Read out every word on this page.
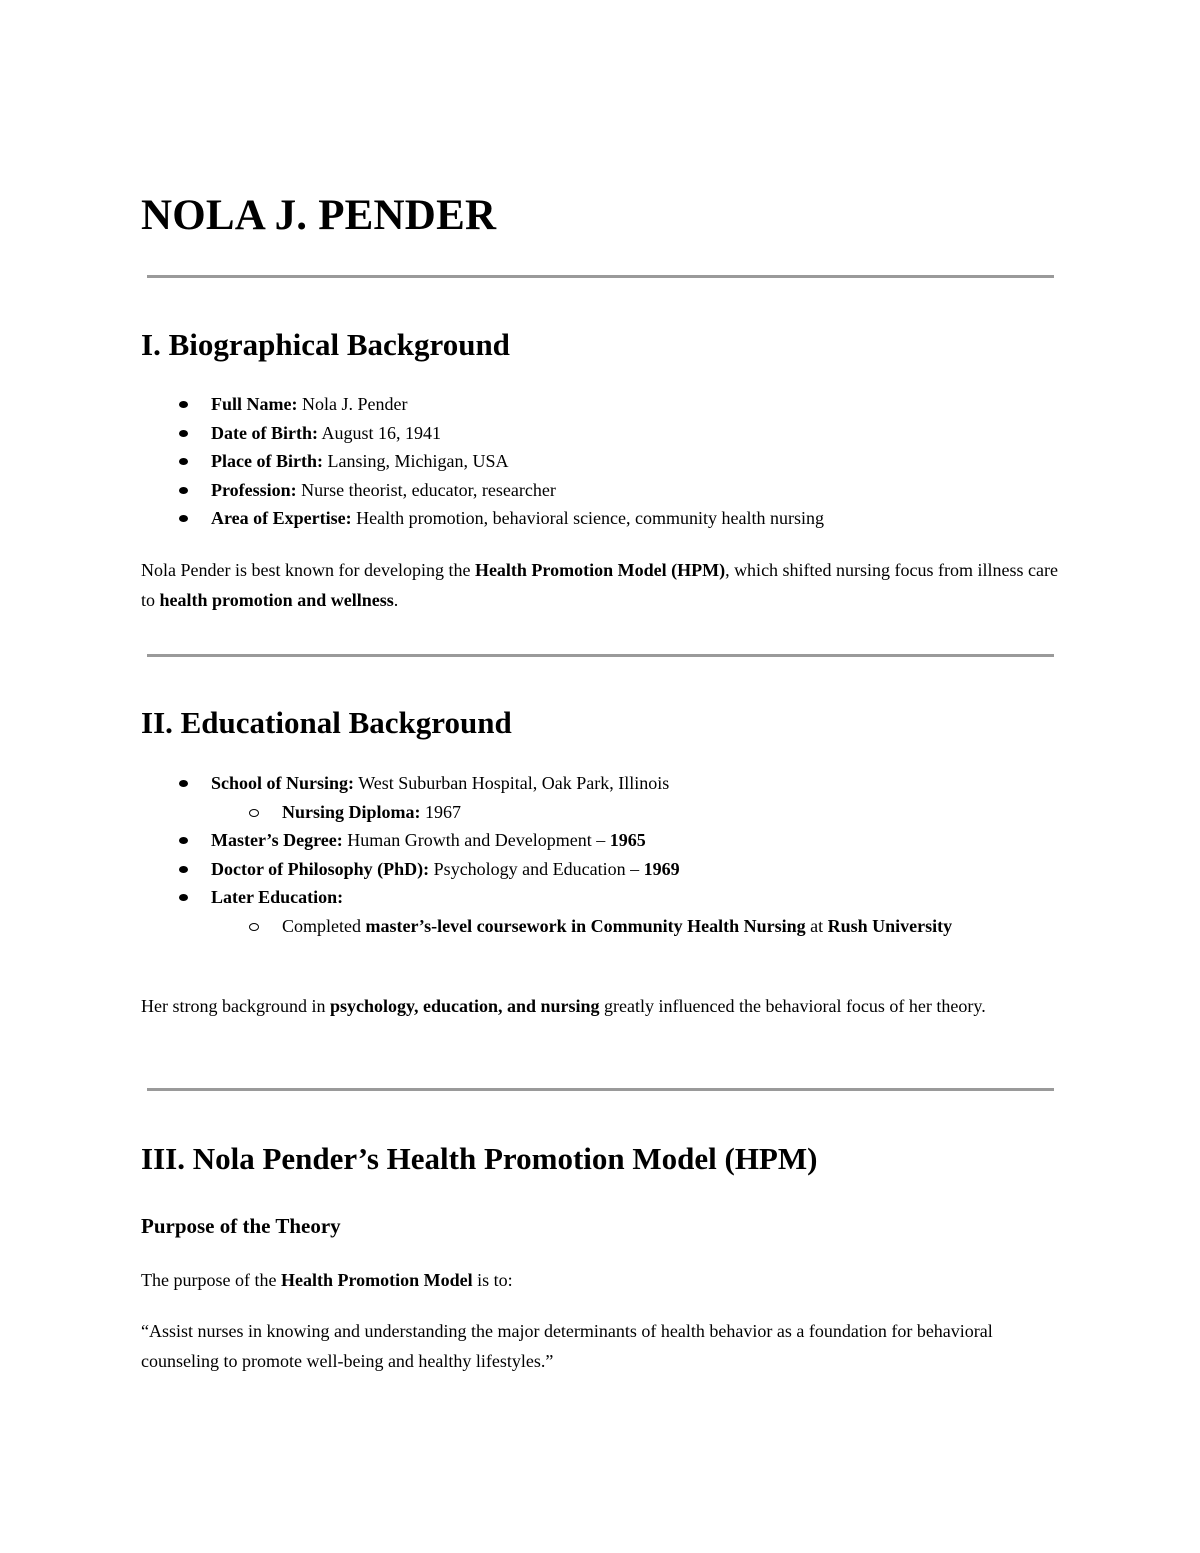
NOLA J. PENDER
I. Biographical Background
Full Name: Nola J. Pender
Date of Birth: August 16, 1941
Place of Birth: Lansing, Michigan, USA
Profession: Nurse theorist, educator, researcher
Area of Expertise: Health promotion, behavioral science, community health nursing

Nola Pender is best known for developing the Health Promotion Model (HPM), which shifted nursing focus from illness care to health promotion and wellness.

II. Educational Background
School of Nursing: West Suburban Hospital, Oak Park, Illinois
Nursing Diploma: 1967
Master’s Degree: Human Growth and Development – 1965
Doctor of Philosophy (PhD): Psychology and Education – 1969
Later Education:
Completed master’s-level coursework in Community Health Nursing at Rush University

Her strong background in psychology, education, and nursing greatly influenced the behavioral focus of her theory.

III. Nola Pender’s Health Promotion Model (HPM)
Purpose of the Theory

The purpose of the Health Promotion Model is to:

“Assist nurses in knowing and understanding the major determinants of health behavior as a foundation for behavioral counseling to promote well-being and healthy lifestyles.”
